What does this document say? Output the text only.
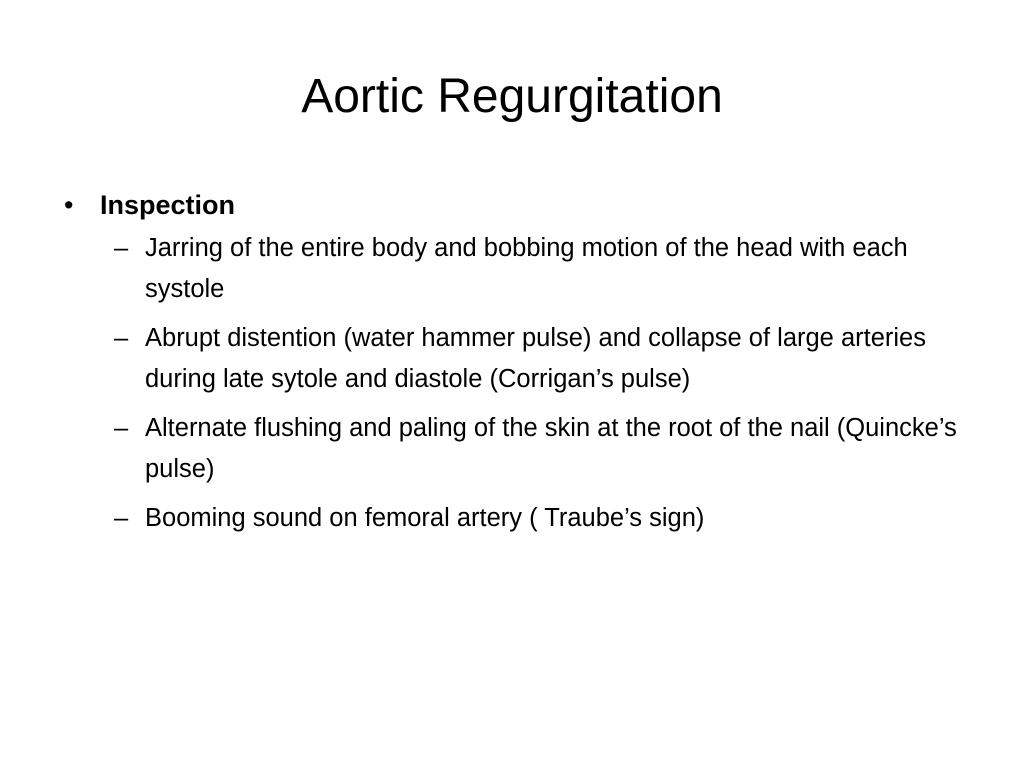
Aortic Regurgitation
• Inspection
– Jarring of the entire body and bobbing motion of the head with each systole
– Abrupt distention (water hammer pulse) and collapse of large arteries during late sytole and diastole (Corrigan’s pulse)
– Alternate flushing and paling of the skin at the root of the nail (Quincke’s pulse)
– Booming sound on femoral artery ( Traube’s sign)
